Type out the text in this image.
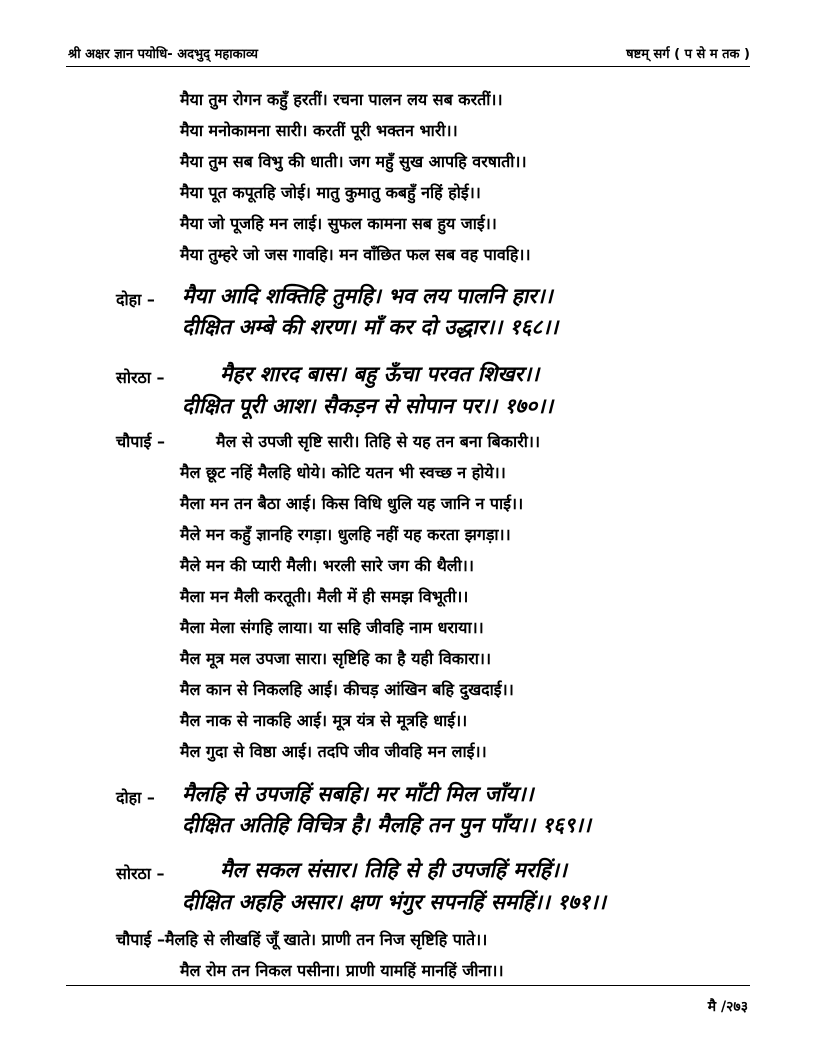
श्री अक्षर ज्ञान पयोधि- अदभुद् महाकाव्य	षष्टम् सर्ग ( प से म तक )
मैया तुम रोगन कहुँ हरतीं। रचना पालन लय सब करतीं।।
मैया मनोकामना सारी। करतीं पूरी भक्तन भारी।।
मैया तुम सब विभु की धाती। जग महुँ सुख आपहि वरषाती।।
मैया पूत कपूतहि जोई। मातु कुमातु कबहुँ नहिं होई।।
मैया जो पूजहि मन लाई। सुफल कामना सब हुय जाई।।
मैया तुम्हरे जो जस गावहि। मन वाँछित फल सब वह पावहि।।
दोहा – मैया आदि शक्तिहि तुमहि। भव लय पालनि हार।।
दीक्षित अम्बे की शरण। माँ कर दो उद्धार।। १६८।।
सोरठा –	मैहर शारद बास। बहु ऊँचा परवत शिखर।।
दीक्षित पूरी आश। सैकड़न से सोपान पर।। १७०।।
चौपाई –	मैल से उपजी सृष्टि सारी। तिहि से यह तन बना बिकारी।।
मैल छूट नहिं मैलहि धोये। कोटि यतन भी स्वच्छ न होये।।
मैला मन तन बैठा आई। किस विधि धुलि यह जानि न पाई।।
मैले मन कहुँ ज्ञानहि रगड़ा। धुलहि नहीं यह करता झगड़ा।।
मैले मन की प्यारी मैली। भरली सारे जग की थैली।।
मैला मन मैली करतूती। मैली में ही समझ विभूती।।
मैला मेला संगहि लाया। या सहि जीवहि नाम धराया।।
मैल मूत्र मल उपजा सारा। सृष्टिहि का है यही विकारा।।
मैल कान से निकलहि आई। कीचड़ आंखिन बहि दुखदाई।।
मैल नाक से नाकहि आई। मूत्र यंत्र से मूत्रहि धाई।।
मैल गुदा से विष्ठा आई। तदपि जीव जीवहि मन लाई।।
दोहा – मैलहि से उपजहिं सबहि। मर माँटी मिल जाँय।।
दीक्षित अतिहि विचित्र है। मैलहि तन पुन पाँय।। १६९।।
सोरठा –	मैल सकल संसार। तिहि से ही उपजहिं मरहिं।।
दीक्षित अहहि असार। क्षण भंगुर सपनहिं समहिं।। १७१।।
चौपाई –मैलहि से लीखहिं जूँ खाते। प्राणी तन निज सृष्टिहि पाते।।
मैल रोम तन निकल पसीना। प्राणी यामहिं मानहिं जीना।।
मै /२७३
